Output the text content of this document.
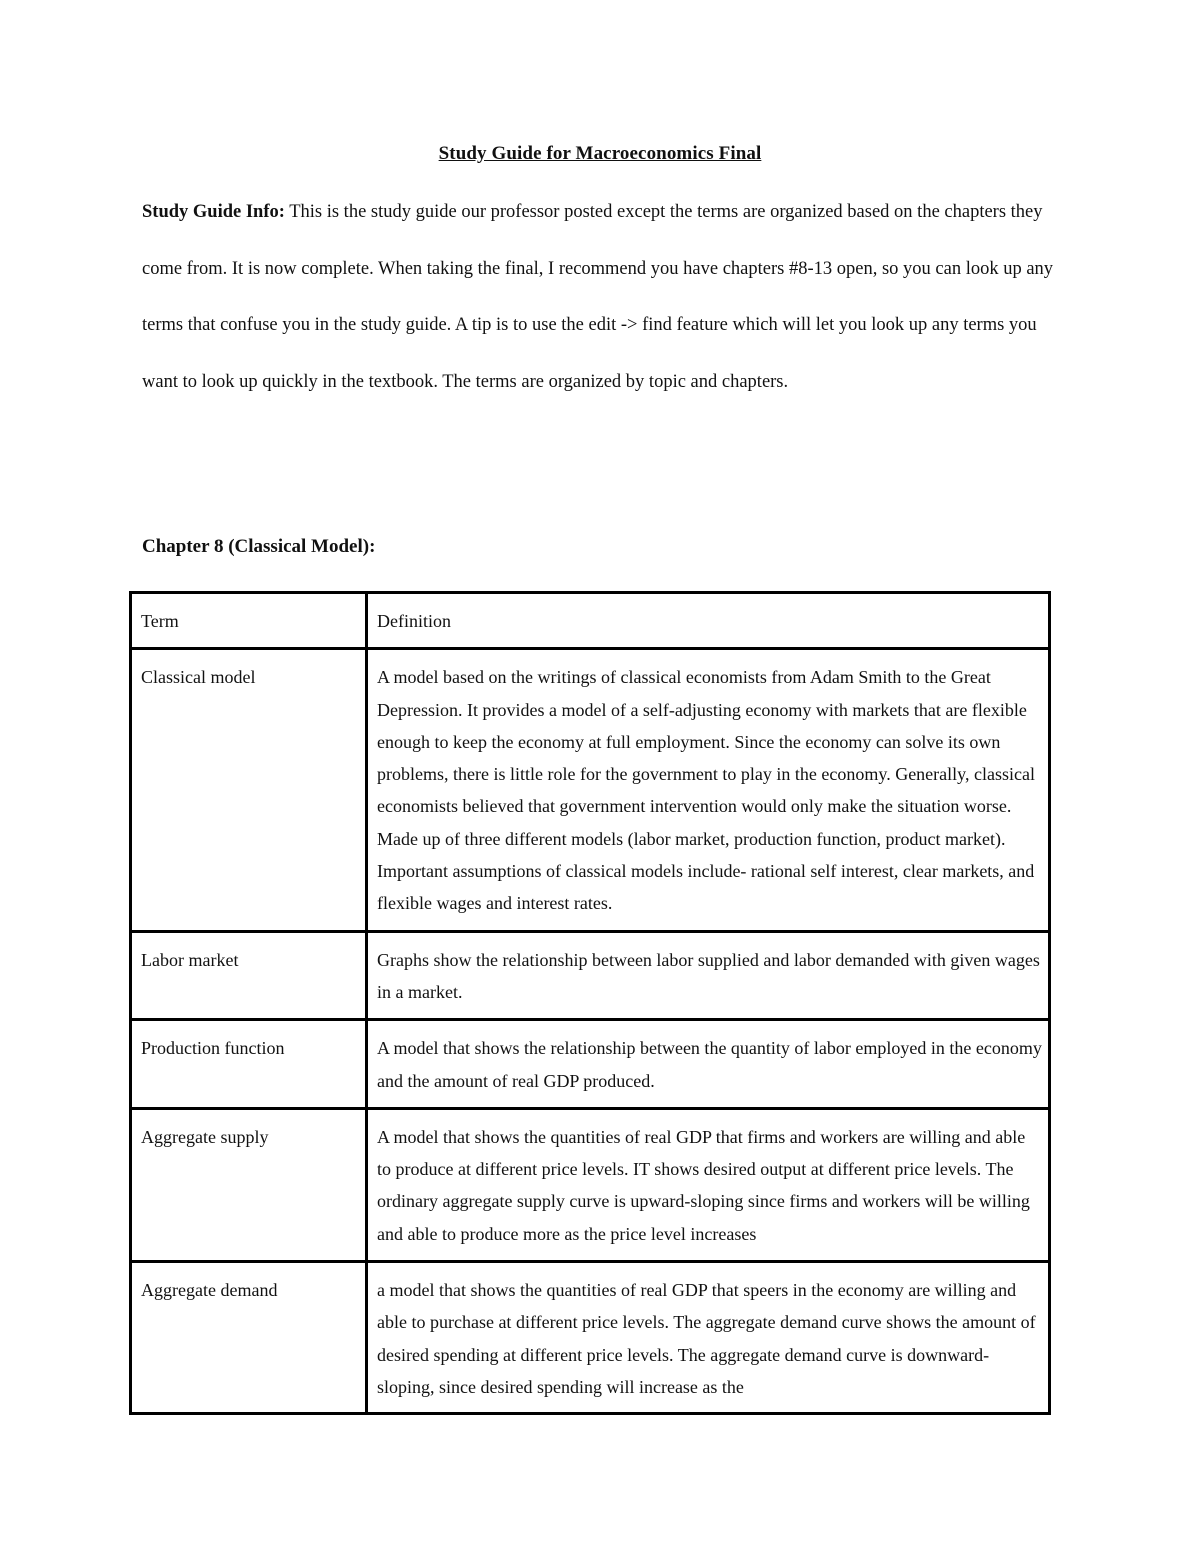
Study Guide for Macroeconomics Final

Study Guide Info: This is the study guide our professor posted except the terms are organized based on the chapters they come from. It is now complete. When taking the final, I recommend you have chapters #8-13 open, so you can look up any terms that confuse you in the study guide. A tip is to use the edit -> find feature which will let you look up any terms you want to look up quickly in the textbook. The terms are organized by topic and chapters.

Chapter 8 (Classical Model):
Term	Definition
Classical model	A model based on the writings of classical economists from Adam Smith to the Great Depression. It provides a model of a self-adjusting economy with markets that are flexible enough to keep the economy at full employment. Since the economy can solve its own problems, there is little role for the government to play in the economy. Generally, classical economists believed that government intervention would only make the situation worse.
Made up of three different models (labor market, production function, product market). Important assumptions of classical models include- rational self interest, clear markets, and flexible wages and interest rates.
Labor market	Graphs show the relationship between labor supplied and labor demanded with given wages in a market.
Production function	A model that shows the relationship between the quantity of labor employed in the economy and the amount of real GDP produced.
Aggregate supply	A model that shows the quantities of real GDP that firms and workers are willing and able to produce at different price levels. IT shows desired output at different price levels. The ordinary aggregate supply curve is upward-sloping since firms and workers will be willing and able to produce more as the price level increases
Aggregate demand	a model that shows the quantities of real GDP that speers in the economy are willing and able to purchase at different price levels. The aggregate demand curve shows the amount of desired spending at different price levels. The aggregate demand curve is downward-sloping, since desired spending will increase as the
